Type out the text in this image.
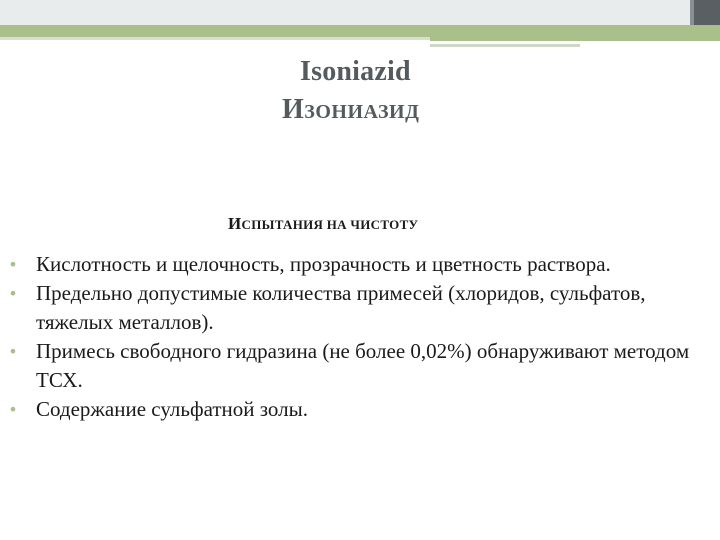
Isoniazid
ИЗОНИАЗИД
ИСПЫТАНИЯ НА ЧИСТОТУ
• Кислотность и щелочность, прозрачность и цветность раствора.
• Предельно допустимые количества примесей (хлоридов, сульфатов, тяжелых металлов).
• Примесь свободного гидразина (не более 0,02%) обнаруживают методом ТСХ.
• Содержание сульфатной золы.
